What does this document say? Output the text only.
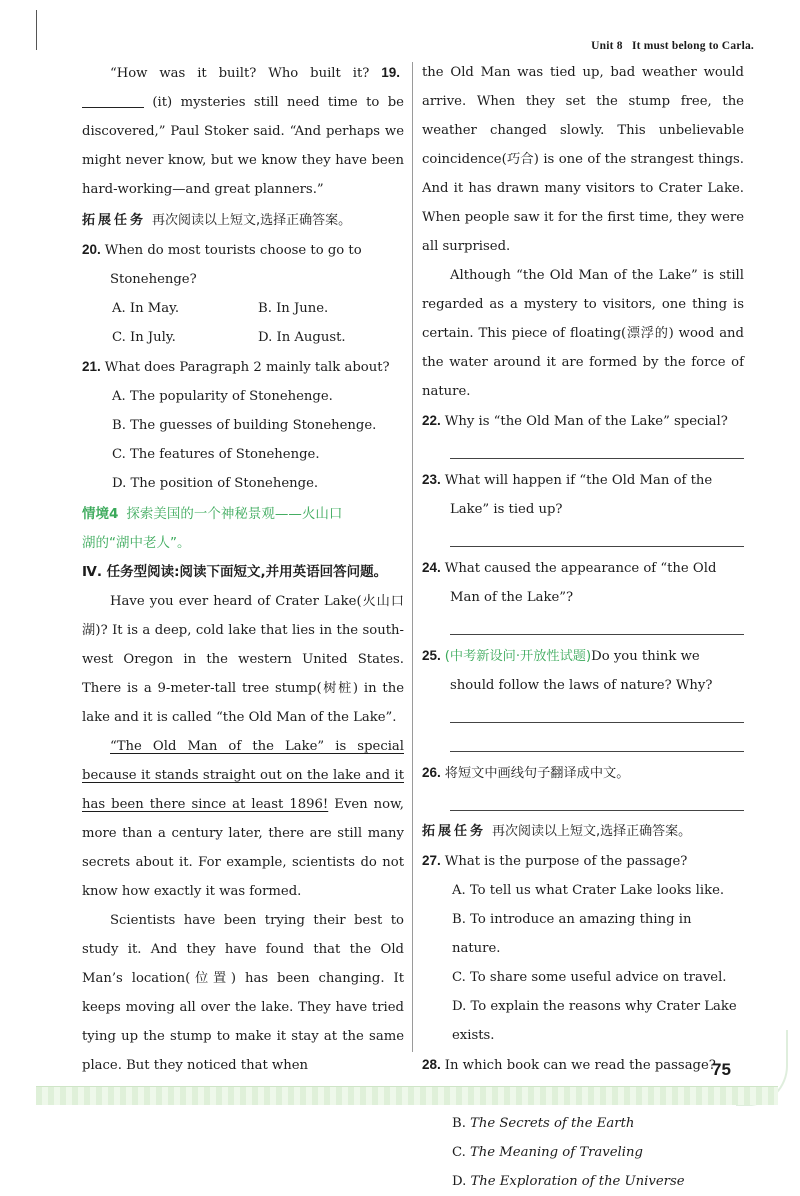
Unit 8 It must belong to Carla.

“How was it built? Who built it? 19.  (it) mysteries still need time to be discovered,” Paul Stoker said. “And perhaps we might never know, but we know they have been hard-working—and great planners.”

拓展任务 再次阅读以上短文,选择正确答案。
20. When do most tourists choose to go to Stonehenge?
A. In May.	B. In June.
C. In July.	D. In August.
21. What does Paragraph 2 mainly talk about?
A. The popularity of Stonehenge.
B. The guesses of building Stonehenge.
C. The features of Stonehenge.
D. The position of Stonehenge.
情境4 探索美国的一个神秘景观——火山口
湖的“湖中老人”。
Ⅳ. 任务型阅读:阅读下面短文,并用英语回答问题。

Have you ever heard of Crater Lake(火山口湖)? It is a deep, cold lake that lies in the south-west Oregon in the western United States. There is a 9-meter-tall tree stump(树桩) in the lake and it is called “the Old Man of the Lake”.

“The Old Man of the Lake” is special because it stands straight out on the lake and it has been there since at least 1896! Even now, more than a century later, there are still many secrets about it. For example, scientists do not know how exactly it was formed.

Scientists have been trying their best to study it. And they have found that the Old Man’s location(位置) has been changing. It keeps moving all over the lake. They have tried tying up the stump to make it stay at the same place. But they noticed that when

the Old Man was tied up, bad weather would arrive. When they set the stump free, the weather changed slowly. This unbelievable coincidence(巧合) is one of the strangest things. And it has drawn many visitors to Crater Lake. When people saw it for the first time, they were all surprised.

Although “the Old Man of the Lake” is still regarded as a mystery to visitors, one thing is certain. This piece of floating(漂浮的) wood and the water around it are formed by the force of nature.

22. Why is “the Old Man of the Lake” special?
23. What will happen if “the Old Man of the Lake” is tied up?
24. What caused the appearance of “the Old Man of the Lake”?
25. (中考新设问·开放性试题)Do you think we should follow the laws of nature? Why?
26. 将短文中画线句子翻译成中文。
拓展任务 再次阅读以上短文,选择正确答案。
27. What is the purpose of the passage?
A. To tell us what Crater Lake looks like.
B. To introduce an amazing thing in nature.
C. To share some useful advice on travel.
D. To explain the reasons why Crater Lake exists.
28. In which book can we read the passage?
B. The Secrets of the Earth
C. The Meaning of Traveling
D. The Exploration of the Universe
75
